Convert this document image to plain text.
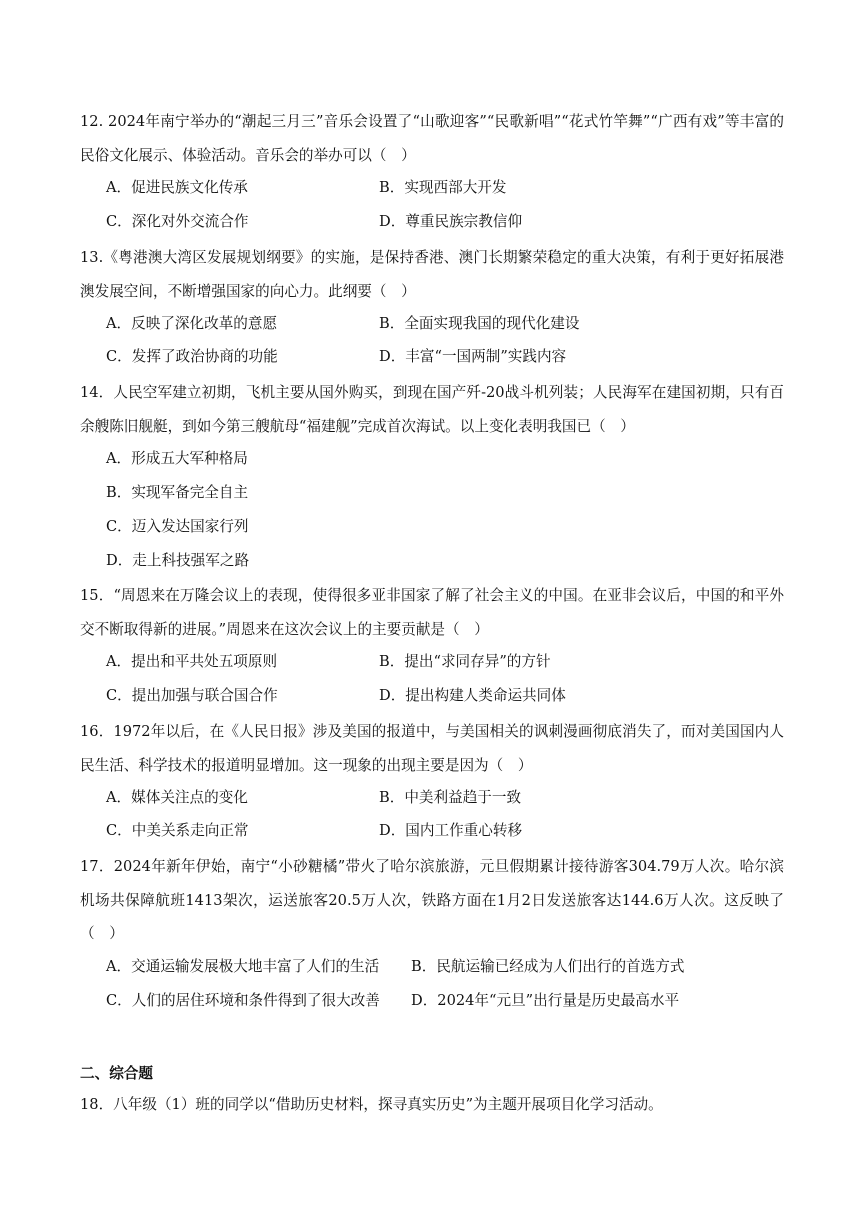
12. 2024年南宁举办的“潮起三月三”音乐会设置了“山歌迎客”“民歌新唱”“花式竹竿舞”“广西有戏”等丰富的民俗文化展示、体验活动。音乐会的举办可以（　）
A．促进民族文化传承	B．实现西部大开发
C．深化对外交流合作	D．尊重民族宗教信仰
13.《粤港澳大湾区发展规划纲要》的实施，是保持香港、澳门长期繁荣稳定的重大决策，有利于更好拓展港澳发展空间，不断增强国家的向心力。此纲要（　）
A．反映了深化改革的意愿	B．全面实现我国的现代化建设
C．发挥了政治协商的功能	D．丰富“一国两制”实践内容
14．人民空军建立初期，飞机主要从国外购买，到现在国产歼-20战斗机列装；人民海军在建国初期，只有百余艘陈旧舰艇，到如今第三艘航母“福建舰”完成首次海试。以上变化表明我国已（　）
A．形成五大军种格局
B．实现军备完全自主
C．迈入发达国家行列
D．走上科技强军之路
15．“周恩来在万隆会议上的表现，使得很多亚非国家了解了社会主义的中国。在亚非会议后，中国的和平外交不断取得新的进展。”周恩来在这次会议上的主要贡献是（　）
A．提出和平共处五项原则	B．提出“求同存异”的方针
C．提出加强与联合国合作	D．提出构建人类命运共同体
16．1972年以后，在《人民日报》涉及美国的报道中，与美国相关的讽刺漫画彻底消失了，而对美国国内人民生活、科学技术的报道明显增加。这一现象的出现主要是因为（　）
A．媒体关注点的变化	B．中美利益趋于一致
C．中美关系走向正常	D．国内工作重心转移
17．2024年新年伊始，南宁“小砂糖橘”带火了哈尔滨旅游，元旦假期累计接待游客304.79万人次。哈尔滨机场共保障航班1413架次，运送旅客20.5万人次，铁路方面在1月2日发送旅客达144.6万人次。这反映了（　）
A．交通运输发展极大地丰富了人们的生活 B．民航运输已经成为人们出行的首选方式
C．人们的居住环境和条件得到了很大改善 D．2024年“元旦”出行量是历史最高水平
二、综合题
18．八年级（1）班的同学以“借助历史材料，探寻真实历史”为主题开展项目化学习活动。
